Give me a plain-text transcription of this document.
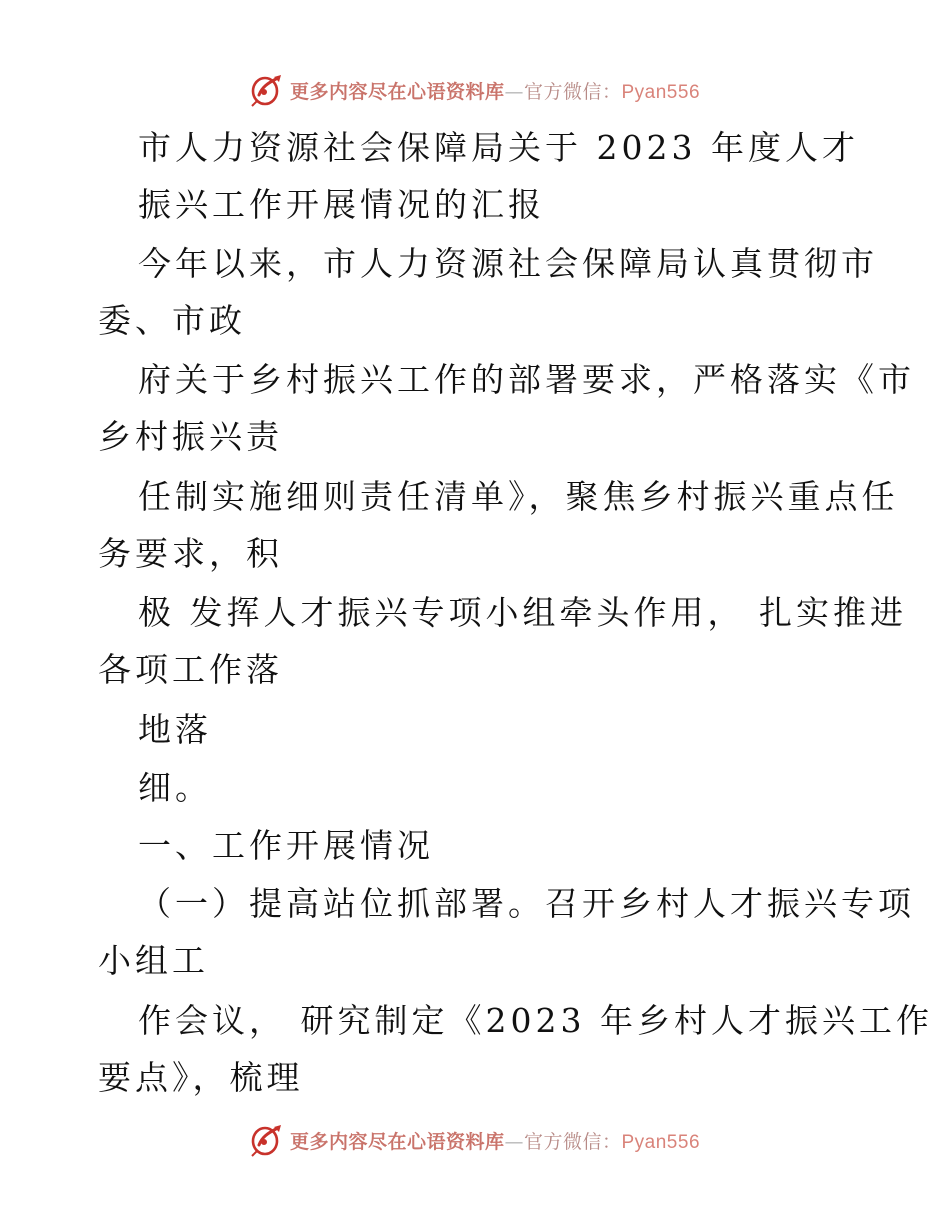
更多内容尽在心语资料库—官方微信：Pyan556
市人力资源社会保障局关于 2023 年度人才
振兴工作开展情况的汇报
今年以来，市人力资源社会保障局认真贯彻市
委、市政
府关于乡村振兴工作的部署要求，严格落实《市
乡村振兴责
任制实施细则责任清单》，聚焦乡村振兴重点任
务要求，积
极 发挥人才振兴专项小组牵头作用， 扎实推进
各项工作落
地落
细。
一、工作开展情况
（一）提高站位抓部署。召开乡村人才振兴专项
小组工
作会议， 研究制定《2023 年乡村人才振兴工作
要点》，梳理
更多内容尽在心语资料库—官方微信：Pyan556
